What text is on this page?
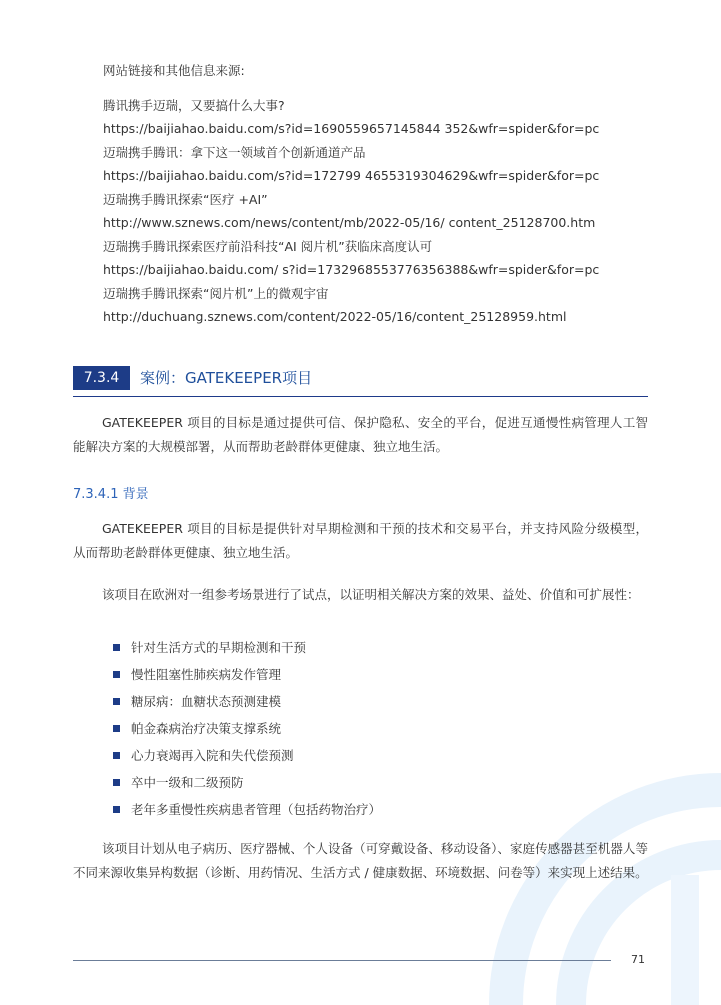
网站链接和其他信息来源:
腾讯携手迈瑞，又要搞什么大事?
https://baijiahao.baidu.com/s?id=1690559657145844 352&wfr=spider&for=pc
迈瑞携手腾讯：拿下这一领域首个创新通道产品
https://baijiahao.baidu.com/s?id=172799 4655319304629&wfr=spider&for=pc
迈瑞携手腾讯探索“医疗 +AI”
http://www.sznews.com/news/content/mb/2022-05/16/ content_25128700.htm
迈瑞携手腾讯探索医疗前沿科技“AI 阅片机”获临床高度认可
https://baijiahao.baidu.com/ s?id=1732968553776356388&wfr=spider&for=pc
迈瑞携手腾讯探索“阅片机”上的微观宇宙
http://duchuang.sznews.com/content/2022-05/16/content_25128959.html
7.3.4	案例：GATEKEEPER项目
GATEKEEPER 项目的目标是通过提供可信、保护隐私、安全的平台，促进互通慢性病管理人工智能解决方案的大规模部署，从而帮助老龄群体更健康、独立地生活。
7.3.4.1 背景
GATEKEEPER 项目的目标是提供针对早期检测和干预的技术和交易平台，并支持风险分级模型，从而帮助老龄群体更健康、独立地生活。
该项目在欧洲对一组参考场景进行了试点，以证明相关解决方案的效果、益处、价值和可扩展性：
针对生活方式的早期检测和干预
慢性阻塞性肺疾病发作管理
糖尿病：血糖状态预测建模
帕金森病治疗决策支撑系统
心力衰竭再入院和失代偿预测
卒中一级和二级预防
老年多重慢性疾病患者管理（包括药物治疗）
该项目计划从电子病历、医疗器械、个人设备（可穿戴设备、移动设备）、家庭传感器甚至机器人等不同来源收集异构数据（诊断、用药情况、生活方式 / 健康数据、环境数据、问卷等）来实现上述结果。
71
